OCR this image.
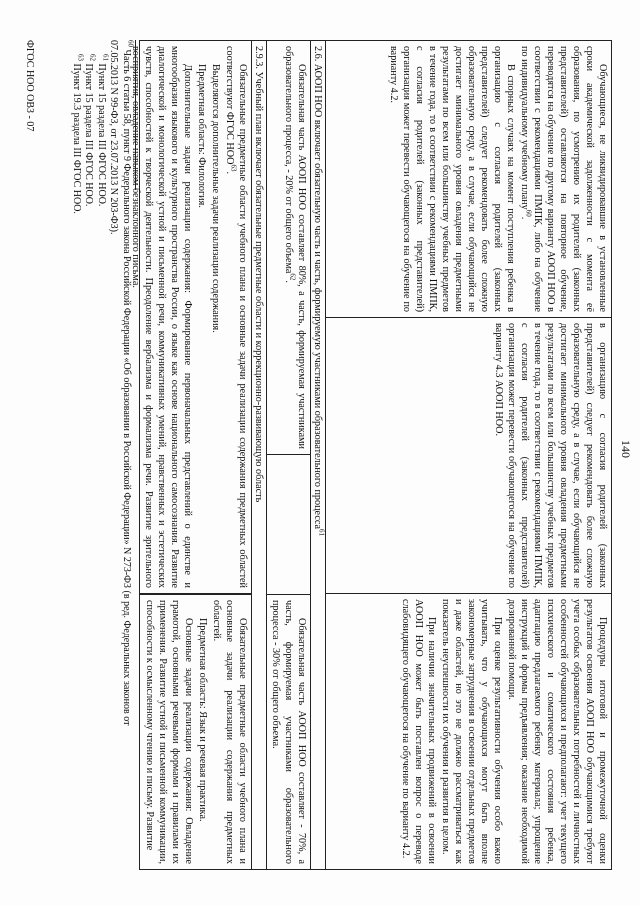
140

Обучающиеся, не ликвидировавшие в установленные сроки академической задолженности с момента её образования, по усмотрению их родителей (законных представителей) оставляются на повторное обучение, переводятся на обучение по другому варианту АООП НОО в соответствии с рекомендациями ПМПК, либо на обучение по индивидуальному учебному плану$^{60}$.

В спорных случаях на момент поступления ребенка в организацию с согласия родителей (законных представителей) следует рекомендовать более сложную образовательную среду, а в случае, если обучающийся не достигает минимального уровня овладения предметными результатами по всем или большинству учебных предметов в течение года, то в соответствии с рекомендациями ПМПК, с согласия родителей (законных представителей) организация может перевести обучающегося на обучение по варианту 4.2.

в организацию с согласия родителей (законных представителей) следует рекомендовать более сложную образовательную среду, а в случае, если обучающийся не достигает минимального уровня овладения предметными результатами по всем или большинству учебных предметов в течение года, то в соответствии с рекомендациями ПМПК, с согласия родителей (законных представителей) организация может перевести обучающегося на обучение по варианту 4.3 АООП НОО.

Процедуры итоговой и промежуточной оценки результатов освоения АООП НОО обучающимися требуют учета особых образовательных потребностей и личностных особенностей обучающихся и предполагают: учет текущего психического и соматического состояния ребенка, адаптацию предлагаемого ребенку материала; упрощение инструкций и формы предъявления; оказание необходимой дозированной помощи.

При оценке результативности обучения особо важно учитывать, что у обучающихся могут быть вполне закономерные затруднения в освоении отдельных предметов и даже областей, но это не должно рассматриваться как показатель неуспешности их обучения и развития в целом.

При наличии значительных продвижений в освоении АООП НОО может быть поставлен вопрос о переводе слабовидящего обучающегося на обучение по варианту 4.2.

2.6. АООП НОО включает обязательную часть и часть, формируемую участниками образовательного процесса$^{61}$

Обязательная часть АООП НОО составляет 80%, а часть, формируемая участниками образовательного процесса, - 20% от общего объема$^{62}$.

Обязательная часть АООП НОО составляет - 70%, а часть, формируемая участниками образовательного процесса - 30% от общего объема.

2.9.3. Учебный план включает обязательные предметные области и коррекционно-развивающую область

Обязательные предметные области учебного плана и основные задачи реализации содержания предметных областей соответствуют ФГОС НОО$^{63}$.

Выделяются дополнительные задачи реализации содержания.

Предметная область: Филология.

Дополнительные задачи реализации содержания: Формирование первоначальных представлений о единстве и многообразии языкового и культурного пространства России, о языке как основе национального самосознания. Развитие диалогической и монологической устной и письменной речи, коммуникативных умений, нравственных и эстетических чувств, способностей к творческой деятельности. Преодоление вербализма и формализма речи. Развитие зрительного восприятия, овладение навыком безнаклонного письма.

Обязательные предметные области учебного плана и основные задачи реализации содержания предметных областей.

Предметная область: Язык и речевая практика.

Основные задачи реализации содержания: Овладение грамотой, основными речевыми формами и правилами их применения. Развитие устной и письменной коммуникации, способности к осмысленному чтению и письму. Развитие

$^{60}$ Часть 6 статьи 58, пункт 9 Федерального закона Российской Федерации «Об образовании в Российской Федерации» N 273-ФЗ (в ред. Федеральных законов от
07.05.2013 N 99-ФЗ, от 23.07.2013 N 203-ФЗ).
$^{61}$ Пункт 15 раздела III ФГОС НОО.
$^{62}$ Пункт 15 раздела III ФГОС НОО.
$^{63}$ Пункт 19.3 раздела III ФГОС НОО.
ФГОС НОО ОВЗ - 07
